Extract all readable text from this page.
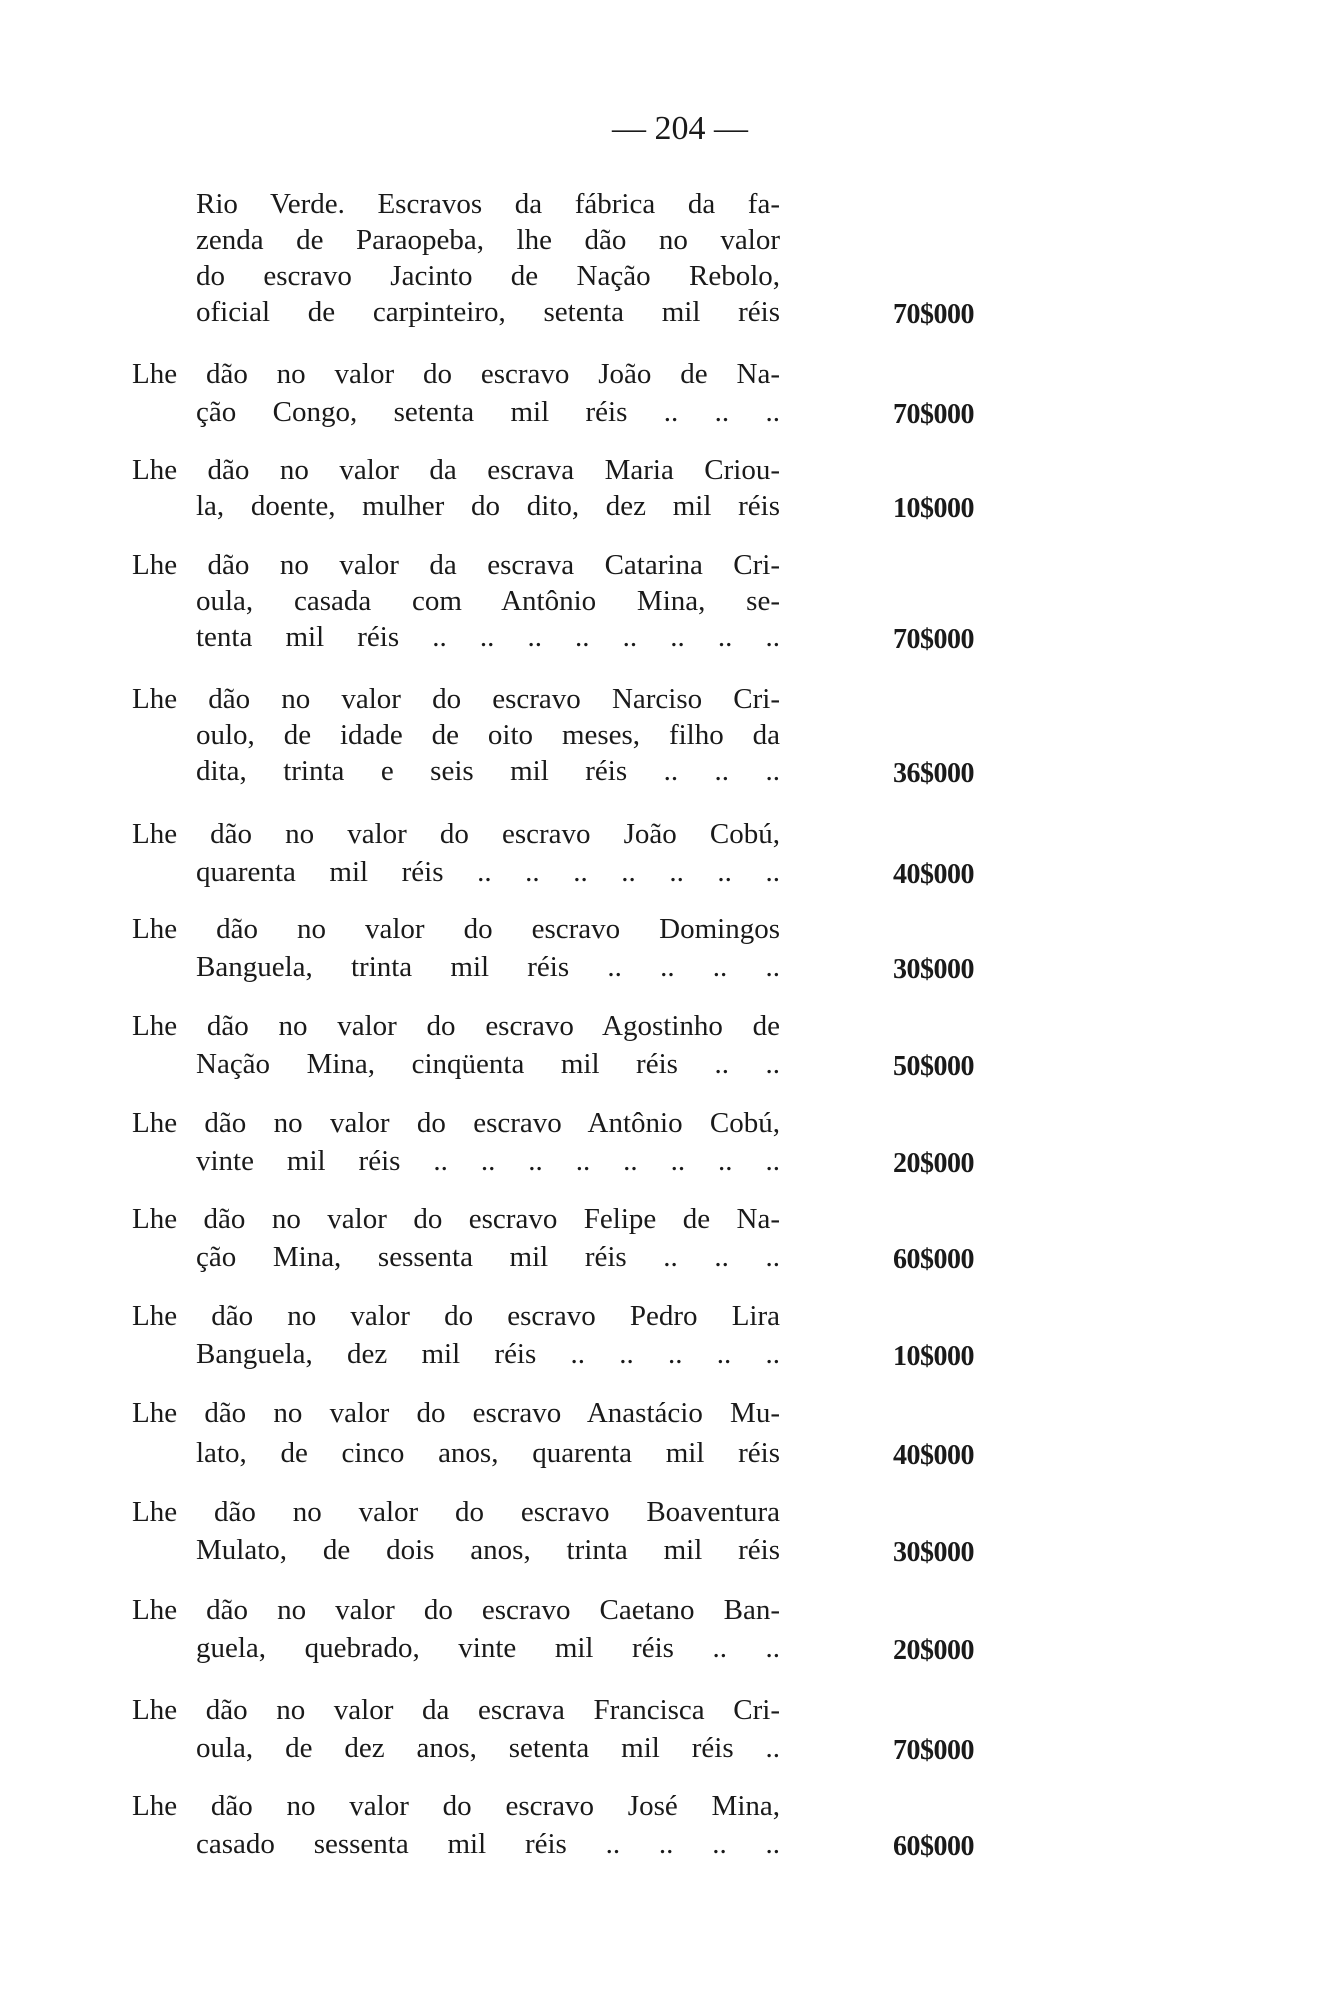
— 204 —
Rio Verde. Escravos da fábrica da fa-
zenda de Paraopeba, lhe dão no valor
do escravo Jacinto de Nação Rebolo,
oficial de carpinteiro, setenta mil réis	70$000
Lhe dão no valor do escravo João de Na-
ção Congo, setenta mil réis .. .. ..	70$000
Lhe dão no valor da escrava Maria Criou-
la, doente, mulher do dito, dez mil réis	10$000
Lhe dão no valor da escrava Catarina Cri-
oula, casada com Antônio Mina, se-
tenta mil réis .. .. .. .. .. .. .. ..	70$000
Lhe dão no valor do escravo Narciso Cri-
oulo, de idade de oito meses, filho da
dita, trinta e seis mil réis .. .. ..	36$000
Lhe dão no valor do escravo João Cobú,
quarenta mil réis .. .. .. .. .. .. ..	40$000
Lhe dão no valor do escravo Domingos
Banguela, trinta mil réis .. .. .. ..	30$000
Lhe dão no valor do escravo Agostinho de
Nação Mina, cinqüenta mil réis .. ..	50$000
Lhe dão no valor do escravo Antônio Cobú,
vinte mil réis .. .. .. .. .. .. .. ..	20$000
Lhe dão no valor do escravo Felipe de Na-
ção Mina, sessenta mil réis .. .. ..	60$000
Lhe dão no valor do escravo Pedro Lira
Banguela, dez mil réis .. .. .. .. ..	10$000
Lhe dão no valor do escravo Anastácio Mu-
lato, de cinco anos, quarenta mil réis	40$000
Lhe dão no valor do escravo Boaventura
Mulato, de dois anos, trinta mil réis	30$000
Lhe dão no valor do escravo Caetano Ban-
guela, quebrado, vinte mil réis .. ..	20$000
Lhe dão no valor da escrava Francisca Cri-
oula, de dez anos, setenta mil réis ..	70$000
Lhe dão no valor do escravo José Mina,
casado sessenta mil réis .. .. .. ..	60$000
